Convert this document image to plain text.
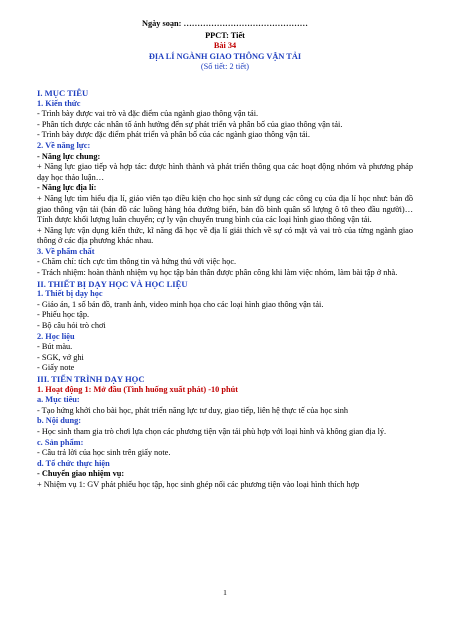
Ngày soạn: ………………………………………

PPCT: Tiết

Bài 34

ĐỊA LÍ NGÀNH GIAO THÔNG VẬN TẢI

(Số tiết: 2 tiết)

I. MỤC TIÊU

1. Kiến thức

- Trình bày được vai trò và đặc điểm của ngành giao thông vận tải.

- Phân tích được các nhân tố ảnh hưởng đến sự phát triển và phân bố của giao thông vận tải.

- Trình bày được đặc điểm phát triển và phân bố của các ngành giao thông vận tải.

2. Về năng lực:

- Năng lực chung:

+ Năng lực giao tiếp và hợp tác: được hình thành và phát triển thông qua các hoạt động nhóm và phương pháp dạy học thảo luận…

- Năng lực địa lí:

+ Năng lực tìm hiểu địa lí, giáo viên tạo điều kiện cho học sinh sử dụng các công cụ của địa lí học như: bản đồ giao thông vận tải (bản đồ các luồng hàng hóa đường biển, bản đồ bình quân số lượng ô tô theo đầu người)…Tính được khối lượng luân chuyển; cự ly vận chuyển trung bình của các loại hình giao thông vận tải.

+ Năng lực vận dụng kiến thức, kĩ năng đã học về địa lí giải thích về sự có mặt và vai trò của từng ngành giao thông ở các địa phương khác nhau.

3. Về phẩm chất

- Chăm chỉ: tích cực tìm thông tin và hứng thú với việc học.

- Trách nhiệm: hoàn thành nhiệm vụ học tập bản thân được phân công khi làm việc nhóm, làm bài tập ở nhà.

II. THIẾT BỊ DẠY HỌC VÀ HỌC LIỆU

1. Thiết bị dạy học

- Giáo án, 1 số bản đồ, tranh ảnh, video minh họa cho các loại hình giao thông vận tải.

- Phiếu học tập.

- Bộ câu hỏi trò chơi

2. Học liệu

- Bút màu.

- SGK, vở ghi

- Giấy note

III. TIẾN TRÌNH DẠY HỌC

1. Hoạt động 1: Mở đầu (Tình huống xuất phát) -10 phút

a. Mục tiêu:

- Tạo hứng khởi cho bài học, phát triển năng lực tư duy, giao tiếp, liên hệ thực tế của học sinh

b. Nội dung:

- Học sinh tham gia trò chơi lựa chọn các phương tiện vận tải phù hợp với loại hình và không gian địa lý.

c. Sản phẩm:

- Câu trả lời của học sinh trên giấy note.

d. Tổ chức thực hiện

- Chuyển giao nhiệm vụ:

+ Nhiệm vụ 1: GV phát phiếu học tập, học sinh ghép nối các phương tiện vào loại hình thích hợp

1
